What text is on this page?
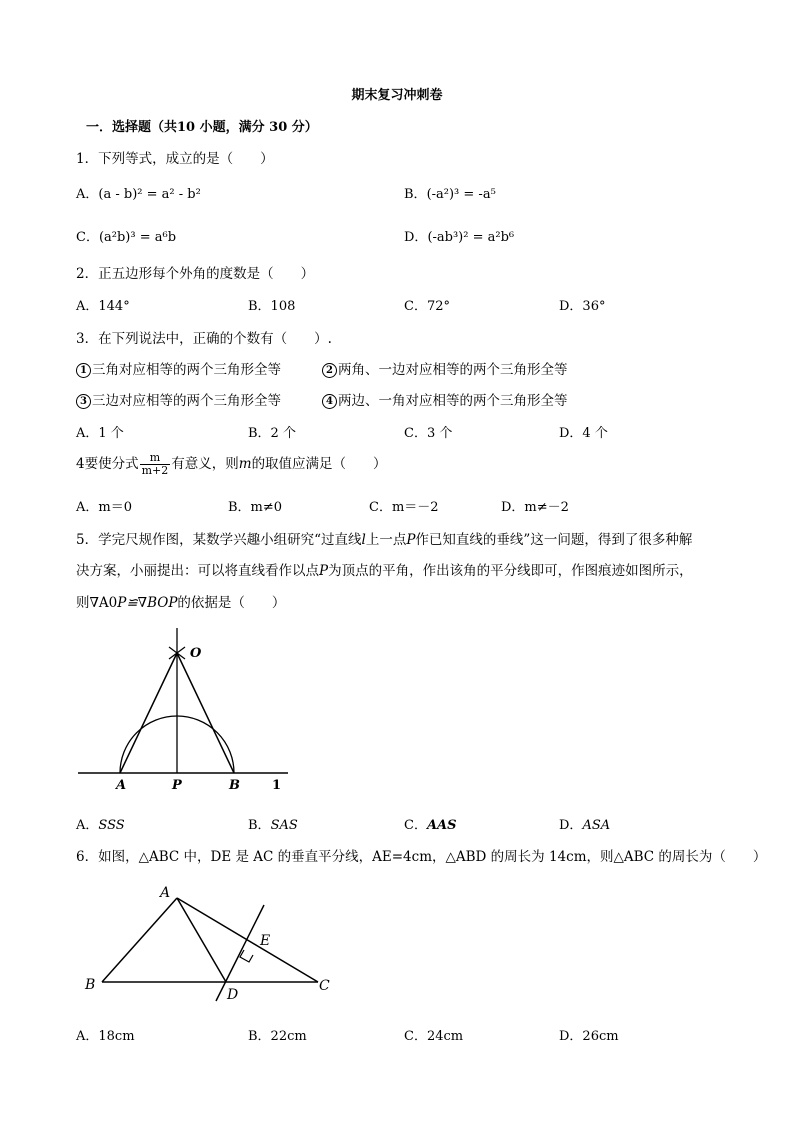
期末复习冲刺卷
一．选择题（共10 小题，满分 30 分）
1．下列等式，成立的是（　　）
A．(a - b)² = a² - b²	B．(-a²)³ = -a⁵
C．(a²b)³ = a⁶b	D．(-ab³)² = a²b⁶
2．正五边形每个外角的度数是（　　）
A．144°	B．108	C．72°	D．36°
3．在下列说法中，正确的个数有（　　）.
1 三角对应相等的两个三角形全等	2 两角、一边对应相等的两个三角形全等
3 三边对应相等的两个三角形全等	4 两边、一角对应相等的两个三角形全等
A．1 个	B．2 个	C．3 个	D．4 个
4要使分式 $\frac{m}{m+2}$ 有意义，则m的取值应满足（　　）
A．m＝0	B．m≠0	C．m＝－2	D．m≠－2
5．学完尺规作图，某数学兴趣小组研究“过直线l上一点P作已知直线的垂线”这一问题，得到了很多种解
决方案，小丽提出：可以将直线看作以点P为顶点的平角，作出该角的平分线即可，作图痕迹如图所示，
则∇A0P≌∇BOP的依据是（　　）
O
A	P	B 1
A．SSS	B．SAS	C．AAS	D．ASA
6．如图，△ABC 中，DE 是 AC 的垂直平分线，AE=4cm，△ABD 的周长为 14cm，则△ABC 的周长为（　　）
A
B	C
D
E
A．18cm	B．22cm	C．24cm	D．26cm
